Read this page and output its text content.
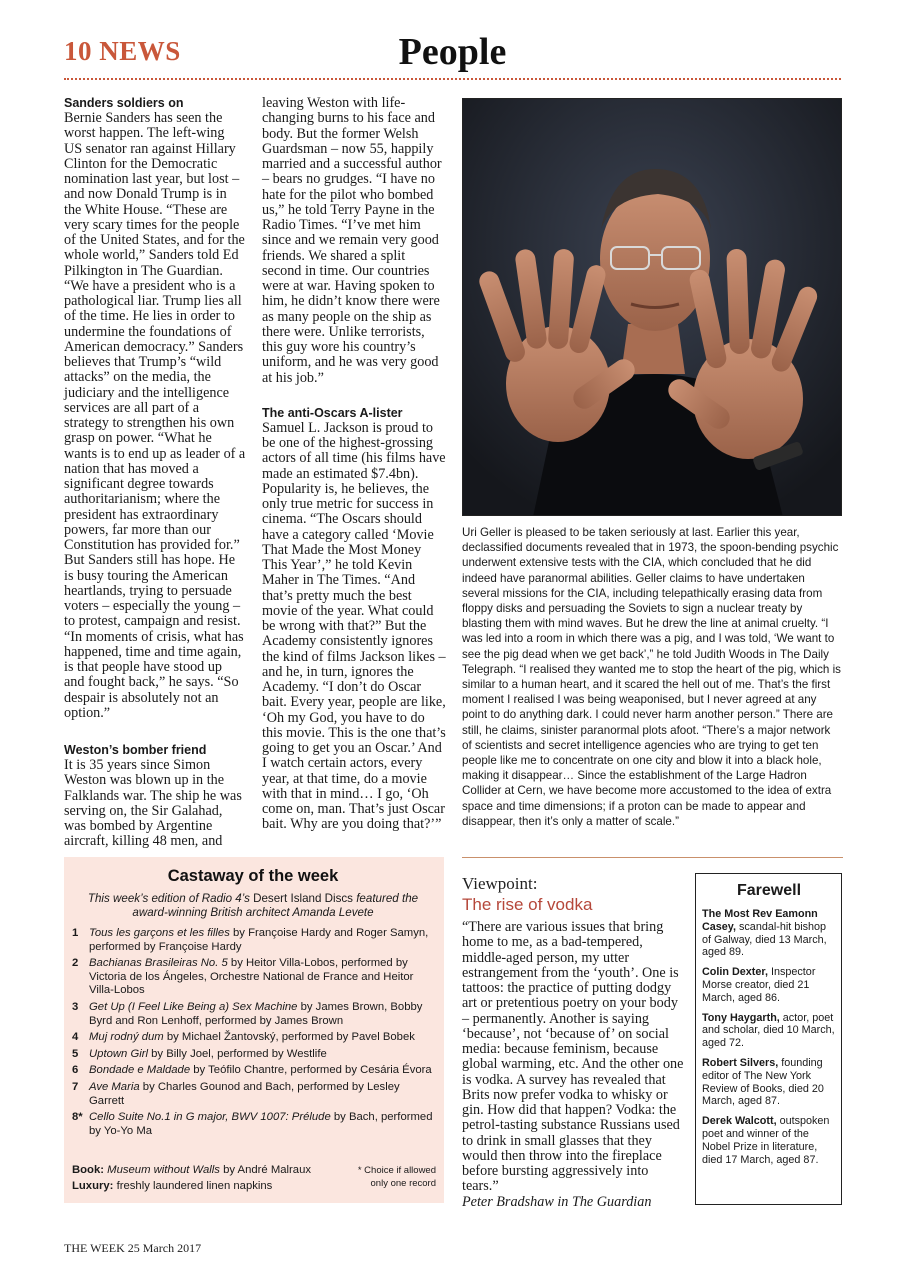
10 NEWS	People
Sanders soldiers on

Bernie Sanders has seen the worst happen. The left-wing US senator ran against Hillary Clinton for the Democratic nomination last year, but lost – and now Donald Trump is in the White House. “These are very scary times for the people of the United States, and for the whole world,” Sanders told Ed Pilkington in The Guardian. “We have a president who is a pathological liar. Trump lies all of the time. He lies in order to undermine the foundations of American democracy.” Sanders believes that Trump’s “wild attacks” on the media, the judiciary and the intelligence services are all part of a strategy to strengthen his own grasp on power. “What he wants is to end up as leader of a nation that has moved a significant degree towards authoritarianism; where the president has extraordinary powers, far more than our Constitution has provided for.” But Sanders still has hope. He is busy touring the American heartlands, trying to persuade voters – especially the young – to protest, campaign and resist. “In moments of crisis, what has happened, time and time again, is that people have stood up and fought back,” he says. “So despair is absolutely not an option.”

Weston’s bomber friend

It is 35 years since Simon Weston was blown up in the Falklands war. The ship he was serving on, the Sir Galahad, was bombed by Argentine aircraft, killing 48 men, and

leaving Weston with life-changing burns to his face and body. But the former Welsh Guardsman – now 55, happily married and a successful author – bears no grudges. “I have no hate for the pilot who bombed us,” he told Terry Payne in the Radio Times. “I’ve met him since and we remain very good friends. We shared a split second in time. Our countries were at war. Having spoken to him, he didn’t know there were as many people on the ship as there were. Unlike terrorists, this guy wore his country’s uniform, and he was very good at his job.”

The anti-Oscars A-lister

Samuel L. Jackson is proud to be one of the highest-grossing actors of all time (his films have made an estimated $7.4bn). Popularity is, he believes, the only true metric for success in cinema. “The Oscars should have a category called ‘Movie That Made the Most Money This Year’,” he told Kevin Maher in The Times. “And that’s pretty much the best movie of the year. What could be wrong with that?” But the Academy consistently ignores the kind of films Jackson likes – and he, in turn, ignores the Academy. “I don’t do Oscar bait. Every year, people are like, ‘Oh my God, you have to do this movie. This is the one that’s going to get you an Oscar.’ And I watch certain actors, every year, at that time, do a movie with that in mind… I go, ‘Oh come on, man. That’s just Oscar bait. Why are you doing that?’”

Uri Geller is pleased to be taken seriously at last. Earlier this year, declassified documents revealed that in 1973, the spoon-bending psychic underwent extensive tests with the CIA, which concluded that he did indeed have paranormal abilities. Geller claims to have undertaken several missions for the CIA, including telepathically erasing data from floppy disks and persuading the Soviets to sign a nuclear treaty by blasting them with mind waves. But he drew the line at animal cruelty. “I was led into a room in which there was a pig, and I was told, ‘We want to see the pig dead when we get back’,” he told Judith Woods in The Daily Telegraph. “I realised they wanted me to stop the heart of the pig, which is similar to a human heart, and it scared the hell out of me. That’s the first moment I realised I was being weaponised, but I never agreed at any point to do anything dark. I could never harm another person.” There are still, he claims, sinister paranormal plots afoot. “There’s a major network of scientists and secret intelligence agencies who are trying to get ten people like me to concentrate on one city and blow it into a black hole, making it disappear… Since the establishment of the Large Hadron Collider at Cern, we have become more accustomed to the idea of extra space and time dimensions; if a proton can be made to appear and disappear, then it’s only a matter of scale.”
Castaway of the week
This week’s edition of Radio 4’s Desert Island Discs featured the award-winning British architect Amanda Levete
1 Tous les garçons et les filles by Françoise Hardy and Roger Samyn, performed by Françoise Hardy
2 Bachianas Brasileiras No. 5 by Heitor Villa-Lobos, performed by Victoria de los Ángeles, Orchestre National de France and Heitor Villa-Lobos
3 Get Up (I Feel Like Being a) Sex Machine by James Brown, Bobby Byrd and Ron Lenhoff, performed by James Brown
4 Muj rodný dum by Michael Žantovský, performed by Pavel Bobek
5 Uptown Girl by Billy Joel, performed by Westlife
6 Bondade e Maldade by Teófilo Chantre, performed by Cesária Évora
7 Ave Maria by Charles Gounod and Bach, performed by Lesley Garrett
8* Cello Suite No.1 in G major, BWV 1007: Prélude by Bach, performed by Yo-Yo Ma
Book: Museum without Walls by André Malraux
Luxury: freshly laundered linen napkins
* Choice if allowed
only one record
Viewpoint:
The rise of vodka

“There are various issues that bring home to me, as a bad-tempered, middle-aged person, my utter estrangement from the ‘youth’. One is tattoos: the practice of putting dodgy art or pretentious poetry on your body – permanently. Another is saying ‘because’, not ‘because of’ on social media: because feminism, because global warming, etc. And the other one is vodka. A survey has revealed that Brits now prefer vodka to whisky or gin. How did that happen? Vodka: the petrol-tasting substance Russians used to drink in small glasses that they would then throw into the fireplace before bursting aggressively into tears.”

Peter Bradshaw in The Guardian

Farewell
The Most Rev Eamonn Casey, scandal-hit bishop of Galway, died 13 March, aged 89.
Colin Dexter, Inspector Morse creator, died 21 March, aged 86.
Tony Haygarth, actor, poet and scholar, died 10 March, aged 72.
Robert Silvers, founding editor of The New York Review of Books, died 20 March, aged 87.
Derek Walcott, outspoken poet and winner of the Nobel Prize in literature, died 17 March, aged 87.
THE WEEK 25 March 2017
